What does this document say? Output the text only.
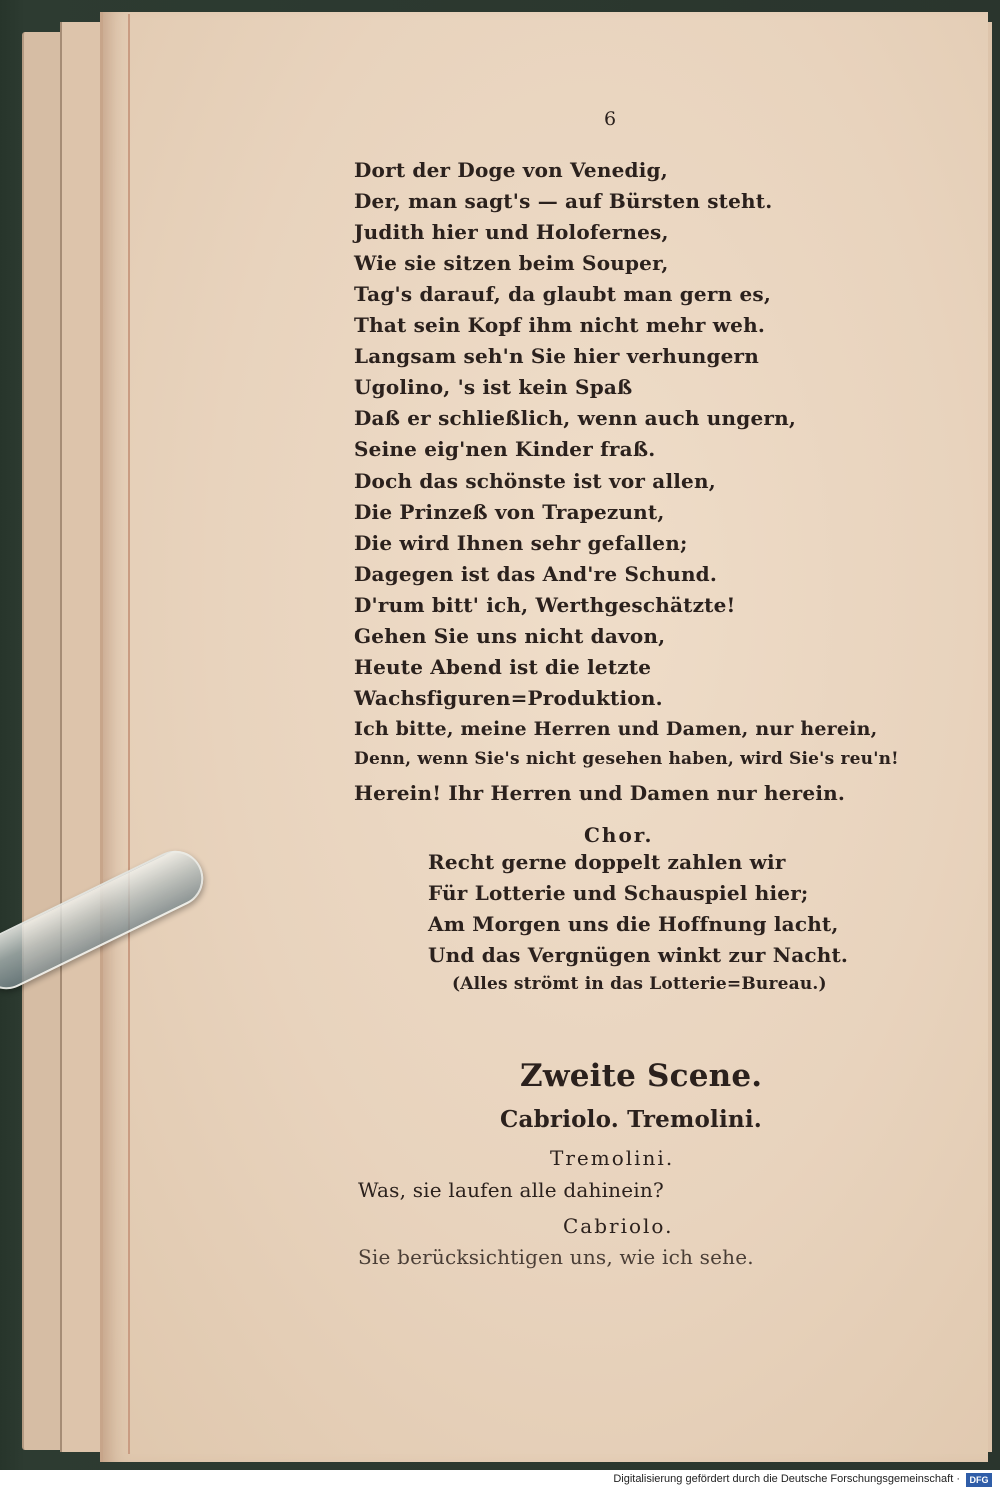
6
Dort der Doge von Venedig,
Der, man sagt's — auf Bürsten steht.
Judith hier und Holofernes,
Wie sie sitzen beim Souper,
Tag's darauf, da glaubt man gern es,
That sein Kopf ihm nicht mehr weh.
Langsam seh'n Sie hier verhungern
Ugolino, 's ist kein Spaß
Daß er schließlich, wenn auch ungern,
Seine eig'nen Kinder fraß.
Doch das schönste ist vor allen,
Die Prinzeß von Trapezunt,
Die wird Ihnen sehr gefallen;
Dagegen ist das And're Schund.
D'rum bitt' ich, Werthgeschätzte!
Gehen Sie uns nicht davon,
Heute Abend ist die letzte
Wachsfiguren=Produktion.
Ich bitte, meine Herren und Damen, nur herein,
Denn, wenn Sie's nicht gesehen haben, wird Sie's reu'n!
Herein! Ihr Herren und Damen nur herein.
Chor.
Recht gerne doppelt zahlen wir
Für Lotterie und Schauspiel hier;
Am Morgen uns die Hoffnung lacht,
Und das Vergnügen winkt zur Nacht.
(Alles strömt in das Lotterie=Bureau.)
Zweite Scene.
Cabriolo. Tremolini.
Tremolini.
Was, sie laufen alle dahinein?
Cabriolo.
Sie berücksichtigen uns, wie ich sehe.
Digitalisierung gefördert durch die Deutsche Forschungsgemeinschaft ·	DFG
